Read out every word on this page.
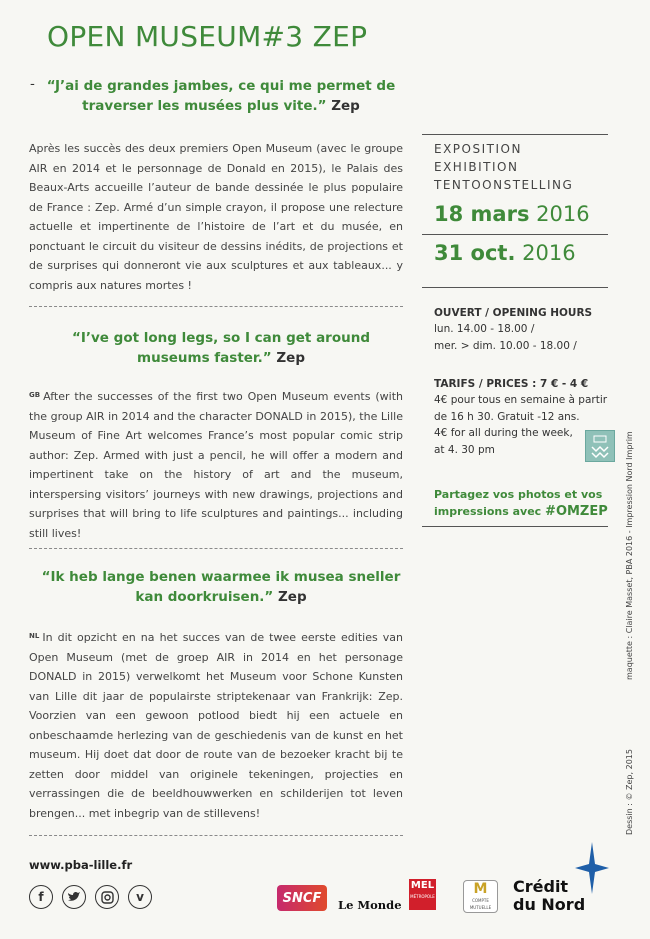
OPEN MUSEUM#3 ZEP

- “J’ai de grandes jambes, ce qui me permet de traverser les musées plus vite.” Zep

Après les succès des deux premiers Open Museum (avec le groupe AIR en 2014 et le personnage de Donald en 2015), le Palais des Beaux-Arts accueille l’auteur de bande dessinée le plus populaire de France : Zep. Armé d’un simple crayon, il propose une relecture actuelle et impertinente de l’histoire de l’art et du musée, en ponctuant le circuit du visiteur de dessins inédits, de projections et de surprises qui donneront vie aux sculptures et aux tableaux... y compris aux natures mortes !

“I’ve got long legs, so I can get around museums faster.” Zep

$^{GB}$ After the successes of the first two Open Museum events (with the group AIR in 2014 and the character DONALD in 2015), the Lille Museum of Fine Art welcomes France’s most popular comic strip author: Zep. Armed with just a pencil, he will offer a modern and impertinent take on the history of art and the museum, interspersing visitors’ journeys with new drawings, projections and surprises that will bring to life sculptures and paintings... including still lives!

“Ik heb lange benen waarmee ik musea sneller kan doorkruisen.” Zep

$^{NL}$ In dit opzicht en na het succes van de twee eerste edities van Open Museum (met de groep AIR in 2014 en het personage DONALD in 2015) verwelkomt het Museum voor Schone Kunsten van Lille dit jaar de populairste striptekenaar van Frankrijk: Zep. Voorzien van een gewoon potlood biedt hij een actuele en onbeschaamde herlezing van de geschiedenis van de kunst en het museum. Hij doet dat door de route van de bezoeker kracht bij te zetten door middel van originele tekeningen, projecties en verrassingen die de beeldhouwwerken en schilderijen tot leven brengen... met inbegrip van de stillevens!

EXPOSITION

EXHIBITION

TENTOONSTELLING

18 mars 2016
31 oct. 2016
OUVERT / OPENING HOURS
lun. 14.00 - 18.00 /
mer. > dim. 10.00 - 18.00 /
TARIFS / PRICES : 7 € - 4 €
4€ pour tous en semaine à partir
de 16 h 30. Gratuit -12 ans.
4€ for all during the week,
at 4. 30 pm
Partagez vos photos et vos
impressions avec #OMZEP maquette : Claire Masset, PBA 2016 - Impression Nord Imprim
Dessin : © Zep, 2015
www.pba-lille.fr
f	v	SNCF	Le Monde
MEL
MÉTROPOLE	M
COMPTE MUTUELLE
Crédit
du Nord
